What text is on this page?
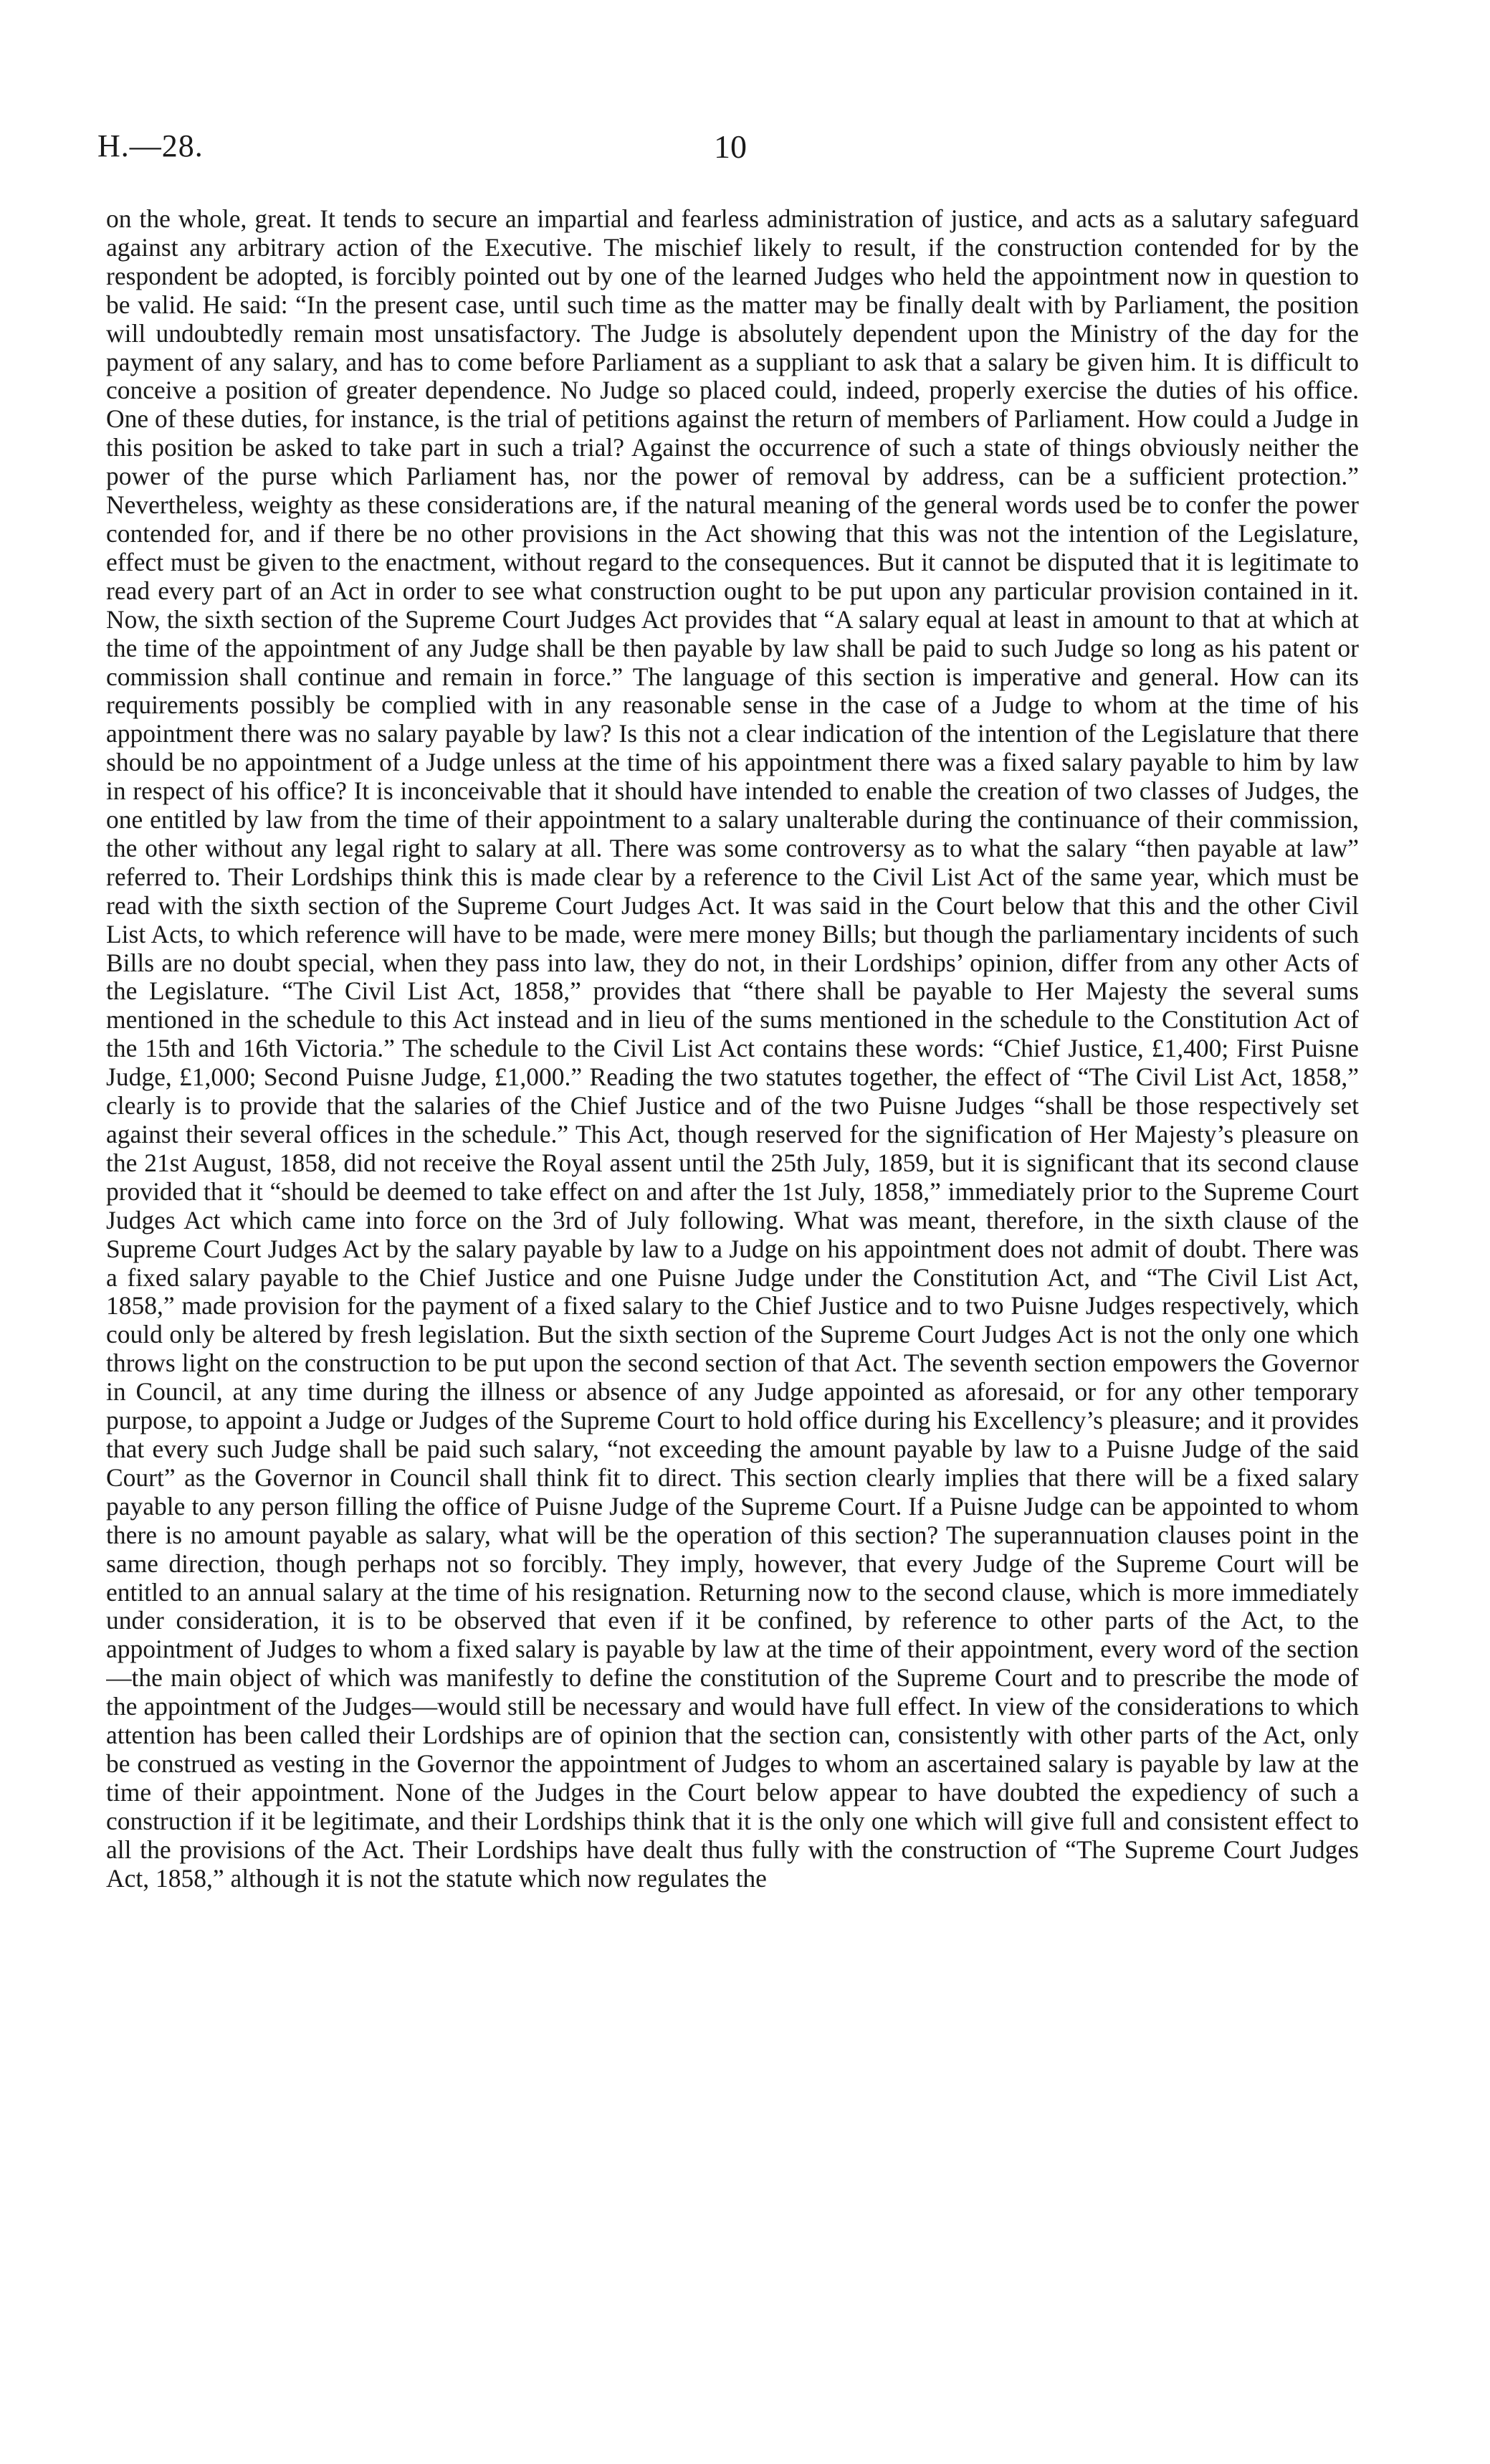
H.—28.	10

on the whole, great. It tends to secure an impartial and fearless administration of justice, and acts as a salutary safeguard against any arbitrary action of the Executive. The mischief likely to result, if the construction contended for by the respondent be adopted, is forcibly pointed out by one of the learned Judges who held the appointment now in question to be valid. He said: “In the present case, until such time as the matter may be finally dealt with by Parliament, the position will undoubtedly remain most unsatisfactory. The Judge is absolutely dependent upon the Ministry of the day for the payment of any salary, and has to come before Parliament as a suppliant to ask that a salary be given him. It is difficult to conceive a position of greater dependence. No Judge so placed could, indeed, properly exercise the duties of his office. One of these duties, for instance, is the trial of petitions against the return of members of Parliament. How could a Judge in this position be asked to take part in such a trial? Against the occurrence of such a state of things obviously neither the power of the purse which Parliament has, nor the power of removal by address, can be a sufficient protection.” Nevertheless, weighty as these considerations are, if the natural meaning of the general words used be to confer the power contended for, and if there be no other provisions in the Act showing that this was not the intention of the Legislature, effect must be given to the enactment, without regard to the consequences. But it cannot be disputed that it is legitimate to read every part of an Act in order to see what construction ought to be put upon any particular provision contained in it. Now, the sixth section of the Supreme Court Judges Act provides that “A salary equal at least in amount to that at which at the time of the appointment of any Judge shall be then payable by law shall be paid to such Judge so long as his patent or commission shall continue and remain in force.” The language of this section is imperative and general. How can its requirements possibly be complied with in any reasonable sense in the case of a Judge to whom at the time of his appointment there was no salary payable by law? Is this not a clear indication of the intention of the Legislature that there should be no appointment of a Judge unless at the time of his appointment there was a fixed salary payable to him by law in respect of his office? It is inconceivable that it should have intended to enable the creation of two classes of Judges, the one entitled by law from the time of their appointment to a salary unalterable during the continuance of their commission, the other without any legal right to salary at all. There was some controversy as to what the salary “then payable at law” referred to. Their Lordships think this is made clear by a reference to the Civil List Act of the same year, which must be read with the sixth section of the Supreme Court Judges Act. It was said in the Court below that this and the other Civil List Acts, to which reference will have to be made, were mere money Bills; but though the parliamentary incidents of such Bills are no doubt special, when they pass into law, they do not, in their Lordships’ opinion, differ from any other Acts of the Legislature. “The Civil List Act, 1858,” provides that “there shall be payable to Her Majesty the several sums mentioned in the schedule to this Act instead and in lieu of the sums mentioned in the schedule to the Constitution Act of the 15th and 16th Victoria.” The schedule to the Civil List Act contains these words: “Chief Justice, £1,400; First Puisne Judge, £1,000; Second Puisne Judge, £1,000.” Reading the two statutes together, the effect of “The Civil List Act, 1858,” clearly is to provide that the salaries of the Chief Justice and of the two Puisne Judges “shall be those respectively set against their several offices in the schedule.” This Act, though reserved for the signification of Her Majesty’s pleasure on the 21st August, 1858, did not receive the Royal assent until the 25th July, 1859, but it is significant that its second clause provided that it “should be deemed to take effect on and after the 1st July, 1858,” immediately prior to the Supreme Court Judges Act which came into force on the 3rd of July following. What was meant, therefore, in the sixth clause of the Supreme Court Judges Act by the salary payable by law to a Judge on his appointment does not admit of doubt. There was a fixed salary payable to the Chief Justice and one Puisne Judge under the Constitution Act, and “The Civil List Act, 1858,” made provision for the payment of a fixed salary to the Chief Justice and to two Puisne Judges respectively, which could only be altered by fresh legislation. But the sixth section of the Supreme Court Judges Act is not the only one which throws light on the construction to be put upon the second section of that Act. The seventh section empowers the Governor in Council, at any time during the illness or absence of any Judge appointed as aforesaid, or for any other temporary purpose, to appoint a Judge or Judges of the Supreme Court to hold office during his Excellency’s pleasure; and it provides that every such Judge shall be paid such salary, “not exceeding the amount payable by law to a Puisne Judge of the said Court” as the Governor in Council shall think fit to direct. This section clearly implies that there will be a fixed salary payable to any person filling the office of Puisne Judge of the Supreme Court. If a Puisne Judge can be appointed to whom there is no amount payable as salary, what will be the operation of this section? The superannuation clauses point in the same direction, though perhaps not so forcibly. They imply, however, that every Judge of the Supreme Court will be entitled to an annual salary at the time of his resignation. Returning now to the second clause, which is more immediately under consideration, it is to be observed that even if it be confined, by reference to other parts of the Act, to the appointment of Judges to whom a fixed salary is payable by law at the time of their appointment, every word of the section—the main object of which was manifestly to define the constitution of the Supreme Court and to prescribe the mode of the appointment of the Judges—would still be necessary and would have full effect. In view of the considerations to which attention has been called their Lordships are of opinion that the section can, consistently with other parts of the Act, only be construed as vesting in the Governor the appointment of Judges to whom an ascertained salary is payable by law at the time of their appointment. None of the Judges in the Court below appear to have doubted the expediency of such a construction if it be legitimate, and their Lordships think that it is the only one which will give full and consistent effect to all the provisions of the Act. Their Lordships have dealt thus fully with the construction of “The Supreme Court Judges Act, 1858,” although it is not the statute which now regulates the
